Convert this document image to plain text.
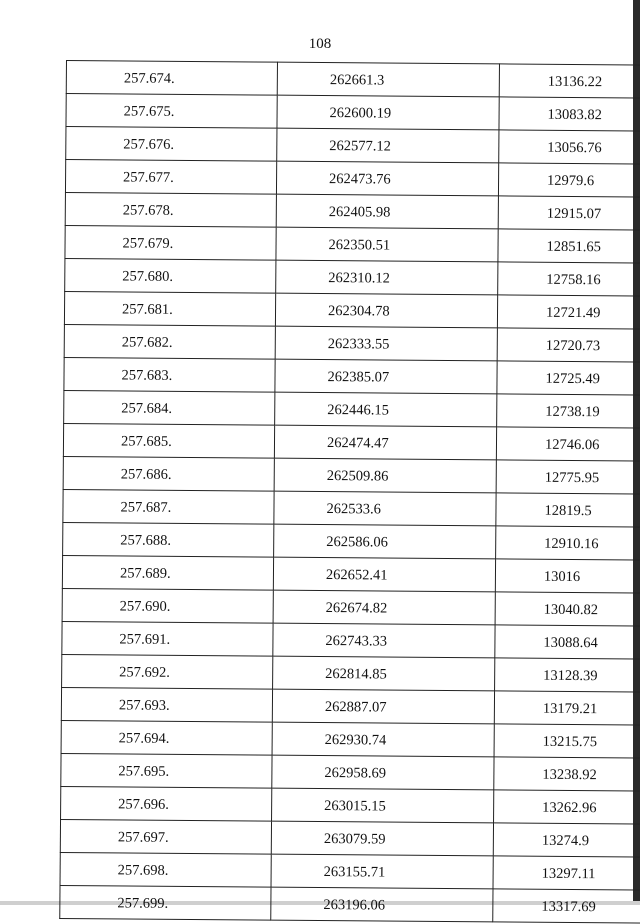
108
257.674.	262661.3	13136.22
257.675.	262600.19	13083.82
257.676.	262577.12	13056.76
257.677.	262473.76	12979.6
257.678.	262405.98	12915.07
257.679.	262350.51	12851.65
257.680.	262310.12	12758.16
257.681.	262304.78	12721.49
257.682.	262333.55	12720.73
257.683.	262385.07	12725.49
257.684.	262446.15	12738.19
257.685.	262474.47	12746.06
257.686.	262509.86	12775.95
257.687.	262533.6	12819.5
257.688.	262586.06	12910.16
257.689.	262652.41	13016
257.690.	262674.82	13040.82
257.691.	262743.33	13088.64
257.692.	262814.85	13128.39
257.693.	262887.07	13179.21
257.694.	262930.74	13215.75
257.695.	262958.69	13238.92
257.696.	263015.15	13262.96
257.697.	263079.59	13274.9
257.698.	263155.71	13297.11
257.699.	263196.06	13317.69
